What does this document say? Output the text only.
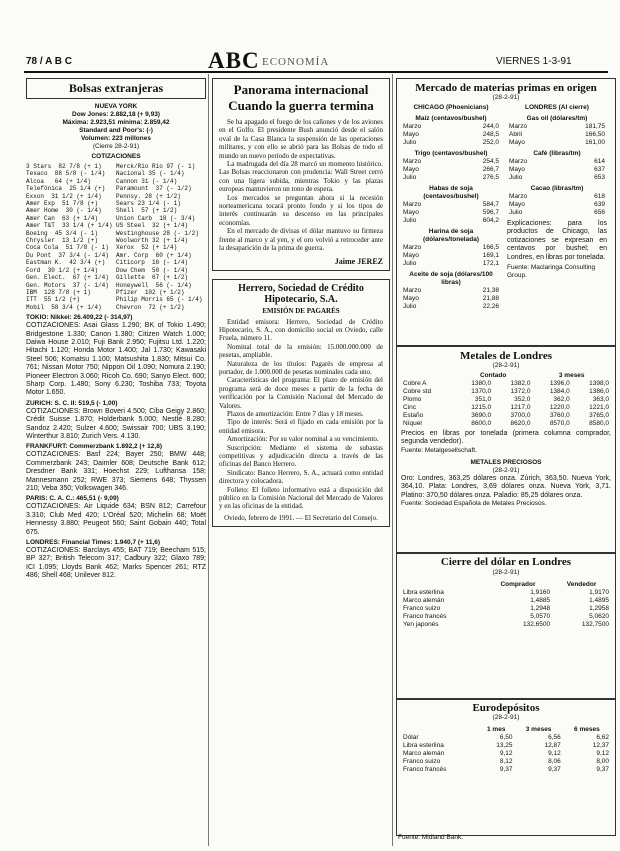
78 / A B C	ABC ECONOMÍA	VIERNES 1-3-91
Bolsas extranjeras
NUEVA YORK
Dow Jones: 2.882,18 (+ 9,93)
Máxima: 2.923,51 mínima: 2.859,42
Standard and Poor's: (-)
Volumen: 223 millones
(Cierre 28-2-91)
COTIZACIONES
3 Stars  82 7/8 (+ 1)    Merck/Rio Rio 97 (- 1)
Texaco  88 5/8 (- 1/4)   Nacional 35 (- 1/4)
Alcoa   64 (+ 1/4)       Cannon 31 (- 1/4)
Telefónica  25 1/4 (+)   Paramount  37 (- 1/2)
Exxon  31 1/2 (+ 1/4)    Pennsy. 28 (+ 1/2)
Amer Exp  51 7/8 (+)     Sears 23 1/4 (- 1)
Amer Home  30 (- 1/4)    Shell  57 (+ 1/2)
Amer Can  63 (+ 1/4)     Union Carb  18 (- 3/4)
Amer T&T  33 1/4 (+ 1/4) US Steel  32 (+ 1/4)
Boeing  45 3/4 (- 1)     Westinghouse 28 (- 1/2)
Chrysler  13 1/2 (+)     Woolworth 32 (+ 1/4)
Coca Cola  51 7/8 (- 1)  Xerox  52 (+ 1/4)
Du Pont  37 3/4 (- 1/4)  Amr. Corp  60 (+ 1/4)
Eastman K.  42 3/4 (+)   Citicorp  16 (- 1/4)
Ford  30 1/2 (+ 1/4)     Dow Chem  50 (- 1/4)
Gen. Elect.  67 (+ 1/4)  Gillette  67 (+ 1/2)
Gen. Motors  37 (- 1/4)  Honeywell  56 (- 1/4)
IBM  128 7/8 (+ 1)       Pfizer  102 (+ 1/2)
ITT  55 1/2 (+)          Philip Morris 65 (- 1/4)
Mobil  58 3/4 (+ 1/4)    Chevron  72 (+ 1/2)
TOKIO: Nikkei: 26.409,22 (- 314,97)

COTIZACIONES: Asai Glass 1.290; BK of Tokio 1.490; Bridgestone 1.330; Canon 1.380; Citizen Watch 1.000; Daiwa House 2.010; Fuji Bank 2.950; Fujitsu Ltd. 1.220; Hitachi 1.120; Honda Motor 1.400; Jal 1.730; Kawasaki Steel 506; Komatsu 1.100; Matsushita 1.830; Mitsui Co. 761; Nissan Motor 750; Nippon Oil 1.090; Nomura 2.190; Pioneer Electron 3.060; Ricoh Co. 690; Sanyo Elect. 600; Sharp Corp. 1.480; Sony 6.230; Toshiba 733; Toyota Motor 1.650.

ZURICH: S. C. II: 519,5 (- 1,00)

COTIZACIONES: Brown Boveri 4.500; Ciba Geigy 2.860; Crédit Suisse 1.870; Holderbank 5.000; Nestlé 8.280; Sandoz 2.420; Sulzer 4.600; Swissair 700; UBS 3.190; Winterthur 3.810; Zurich Vers. 4.130.

FRANKFURT: Commerzbank 1.892,2 (+ 12,8)

COTIZACIONES: Basf 224; Bayer 250; BMW 448; Commerzbank 243; Daimler 608; Deutsche Bank 612; Dresdner Bank 331; Hoechst 229; Lufthansa 158; Mannesmann 252; RWE 373; Siemens 648; Thyssen 210; Veba 350; Volkswagen 346.

PARIS: C. A. C.: 465,51 (- 9,09)

COTIZACIONES: Air Liquide 634; BSN 812; Carrefour 3.310; Club Med 420; L'Oréal 520; Michelin 68; Moët Hennessy 3.880; Peugeot 560; Saint Gobain 440; Total 675.

LONDRES: Financial Times: 1.940,7 (+ 11,6)

COTIZACIONES: Barclays 455; BAT 719; Beecham 515; BP 327; British Telecom 317; Cadbury 322; Glaxo 789; ICI 1.095; Lloyds Bank 462; Marks Spencer 261; RTZ 486; Shell 468; Unilever 812.

Panorama internacional
Cuando la guerra termina

Se ha apagado el fuego de los cañones y de los aviones en el Golfo. El presidente Bush anunció desde el salón oval de la Casa Blanca la suspensión de las operaciones militares, y con ello se abrió para las Bolsas de todo el mundo un nuevo período de expectativas.

La madrugada del día 28 marcó un momento histórico. Las Bolsas reaccionaron con prudencia: Wall Street cerró con una ligera subida, mientras Tokio y las plazas europeas mantuvieron un tono de espera.

Los mercados se preguntan ahora si la recesión norteamericana tocará pronto fondo y si los tipos de interés continuarán su descenso en las principales economías.

En el mercado de divisas el dólar mantuvo su firmeza frente al marco y al yen, y el oro volvió a retroceder ante la desaparición de la prima de guerra.

Jaime JEREZ
Herrero, Sociedad de Crédito Hipotecario, S.A.
EMISIÓN DE PAGARÉS

Entidad emisora: Herrero, Sociedad de Crédito Hipotecario, S. A., con domicilio social en Oviedo, calle Fruela, número 11.

Nominal total de la emisión: 15.000.000.000 de pesetas, ampliable.

Naturaleza de los títulos: Pagarés de empresa al portador, de 1.000.000 de pesetas nominales cada uno.

Características del programa: El plazo de emisión del programa será de doce meses a partir de la fecha de verificación por la Comisión Nacional del Mercado de Valores.

Plazos de amortización: Entre 7 días y 18 meses.

Tipo de interés: Será el fijado en cada emisión por la entidad emisora.

Amortización: Por su valor nominal a su vencimiento.

Suscripción: Mediante el sistema de subastas competitivas y adjudicación directa a través de las oficinas del Banco Herrero.

Sindicato: Banco Herrero, S. A., actuará como entidad directora y colocadora.

Folleto: El folleto informativo está a disposición del público en la Comisión Nacional del Mercado de Valores y en las oficinas de la entidad.

Oviedo, febrero de 1991. — El Secretario del Consejo.
Mercado de materias primas en origen
(28-2-91)
CHICAGO (Phoenicians)
Maíz (centavos/bushel)
Marzo	244,0
Mayo	248,5
Julio	252,0
Trigo (centavos/bushel)
Marzo	254,5
Mayo	266,7
Julio	276,5
Habas de soja (centavos/bushel)
Marzo	584,7
Mayo	596,7
Julio	604,2
Harina de soja (dólares/tonelada)
Marzo	166,5
Mayo	169,1
Julio	172,1
Aceite de soja (dólares/100 libras)
Marzo	21,38
Mayo	21,88
Julio	22,26
LONDRES (Al cierre)
Gas oil (dólares/tm)
Marzo	181,75
Abril	166,50
Mayo	161,00
Café (libras/tm)
Marzo	614
Mayo	637
Julio	653
Cacao (libras/tm)
Marzo	618
Mayo	639
Julio	656

Explicaciones: para los productos de Chicago, las cotizaciones se expresan en centavos por bushel; en Londres, en libras por tonelada.

Fuente: Maclaringa Consulting Group.
Metales de Londres
(28-2-91)
	Contado		3 meses	
Cobre A	1380,0	1382,0	1396,0	1398,0
Cobre std	1370,0	1372,0	1384,0	1386,0
Plomo	351,0	352,0	362,0	363,0
Cinc	1215,0	1217,0	1220,0	1221,0
Estaño	3690,0	3700,0	3760,0	3765,0
Níquel	8600,0	8620,0	8570,0	8580,0

Precios en libras por tonelada (primera columna comprador, segunda vendedor).

Fuente: Metalgesellschaft.
METALES PRECIOSOS
(28-2-91)

Oro: Londres, 363,25 dólares onza. Zúrich, 363,50. Nueva York, 364,10. Plata: Londres, 3,69 dólares onza. Nueva York, 3,71. Platino: 370,50 dólares onza. Paladio: 85,25 dólares onza.

Fuente: Sociedad Española de Metales Preciosos.
Cierre del dólar en Londres
(28-2-91)
	Comprador	Vendedor
Libra esterlina	1,9160	1,9170
Marco alemán	1,4885	1,4895
Franco suizo	1,2948	1,2958
Franco francés	5,0570	5,0620
Yen japonés	132,6500	132,7500
Eurodepósitos
(28-2-91)
	1 mes	3 meses	6 meses
Dólar	6,50	6,56	6,62
Libra esterlina	13,25	12,87	12,37
Marco alemán	9,12	9,12	9,12
Franco suizo	8,12	8,06	8,00
Franco francés	9,37	9,37	9,37
Fuente: Midland Bank.
